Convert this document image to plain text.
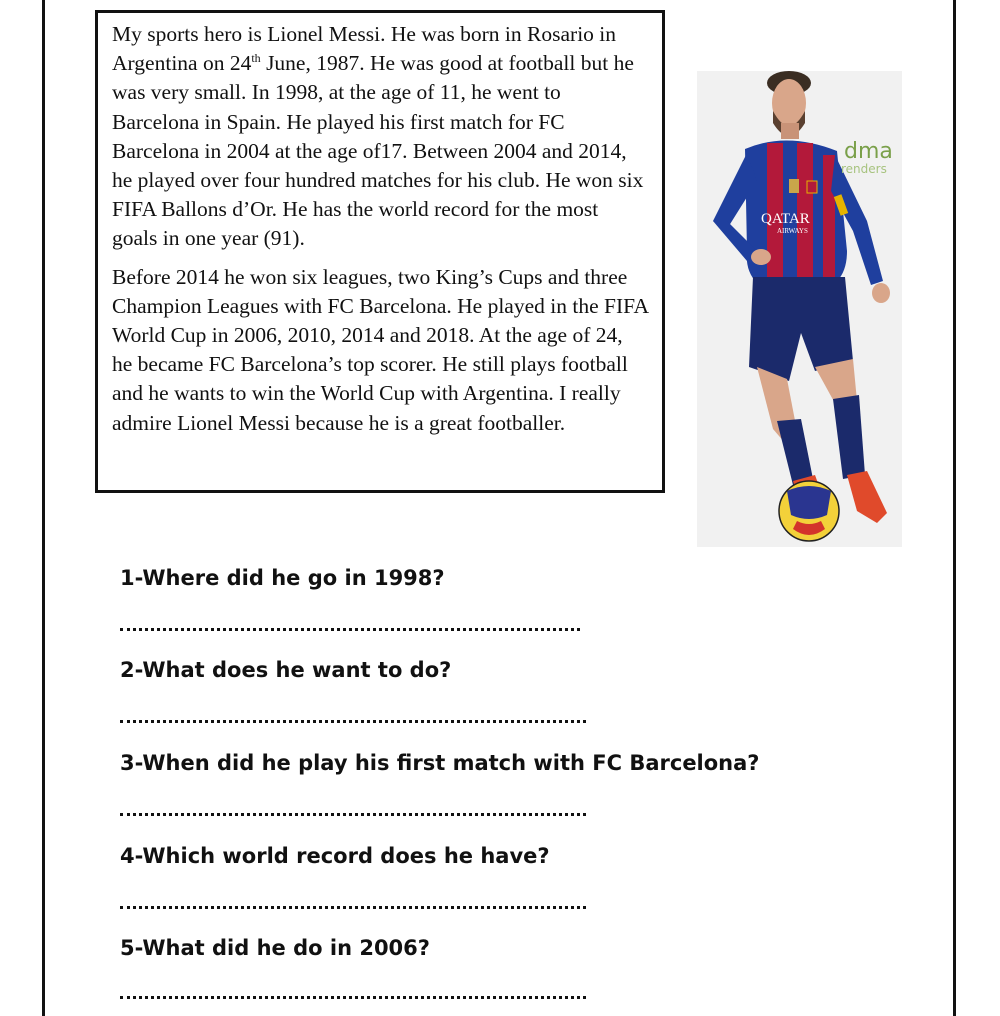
My sports hero is Lionel Messi. He was born in Rosario in Argentina on 24th June, 1987. He was good at football but he was very small. In 1998, at the age of 11, he went to Barcelona in Spain. He played his first match for FC Barcelona in 2004 at the age of17. Between 2004 and 2014, he played over four hundred matches for his club. He won six FIFA Ballons d’Or. He has the world record for the most goals in one year (91).

Before 2014 he won six leagues, two King’s Cups and three Champion Leagues with FC Barcelona. He played in the FIFA World Cup in 2006, 2010, 2014 and 2018. At the age of 24, he became FC Barcelona’s top scorer. He still plays football and he wants to win the World Cup with Argentina. I really admire Lionel Messi because he is a great footballer.

QATAR
AIRWAYS
dma
renders
1-Where did he go in 1998?
2-What does he want to do?
3-When did he play his first match with FC Barcelona?
4-Which world record does he have?
5-What did he do in 2006?
